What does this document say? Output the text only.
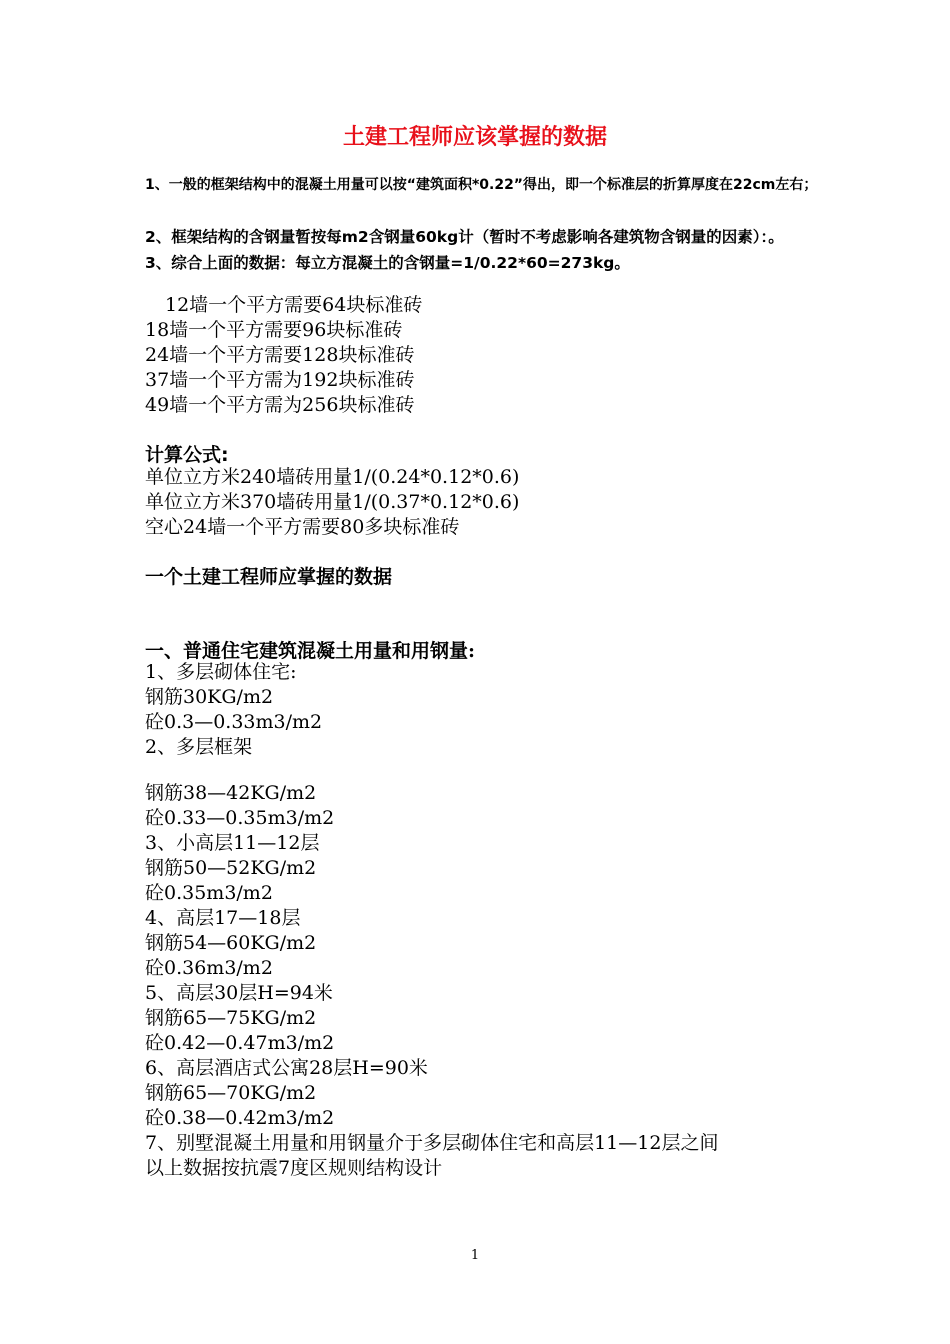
土建工程师应该掌握的数据

1、一般的框架结构中的混凝土用量可以按“建筑面积*0.22”得出，即一个标准层的折算厚度在22cm左右；

2、框架结构的含钢量暂按每m2含钢量60kg计（暂时不考虑影响各建筑物含钢量的因素）：。

3、综合上面的数据：每立方混凝土的含钢量=1/0.22*60=273kg。

12墙一个平方需要64块标准砖

18墙一个平方需要96块标准砖

24墙一个平方需要128块标准砖

37墙一个平方需为192块标准砖

49墙一个平方需为256块标准砖

计算公式:

单位立方米240墙砖用量1/(0.24*0.12*0.6)

单位立方米370墙砖用量1/(0.37*0.12*0.6)

空心24墙一个平方需要80多块标准砖

一个土建工程师应掌握的数据
一、普通住宅建筑混凝土用量和用钢量:

1、多层砌体住宅:

钢筋30KG/m2

砼0.3—0.33m3/m2

2、多层框架

钢筋38—42KG/m2

砼0.33—0.35m3/m2

3、小高层11—12层

钢筋50—52KG/m2

砼0.35m3/m2

4、高层17—18层

钢筋54—60KG/m2

砼0.36m3/m2

5、高层30层H=94米

钢筋65—75KG/m2

砼0.42—0.47m3/m2

6、高层酒店式公寓28层H=90米

钢筋65—70KG/m2

砼0.38—0.42m3/m2

7、别墅混凝土用量和用钢量介于多层砌体住宅和高层11—12层之间

以上数据按抗震7度区规则结构设计

1
